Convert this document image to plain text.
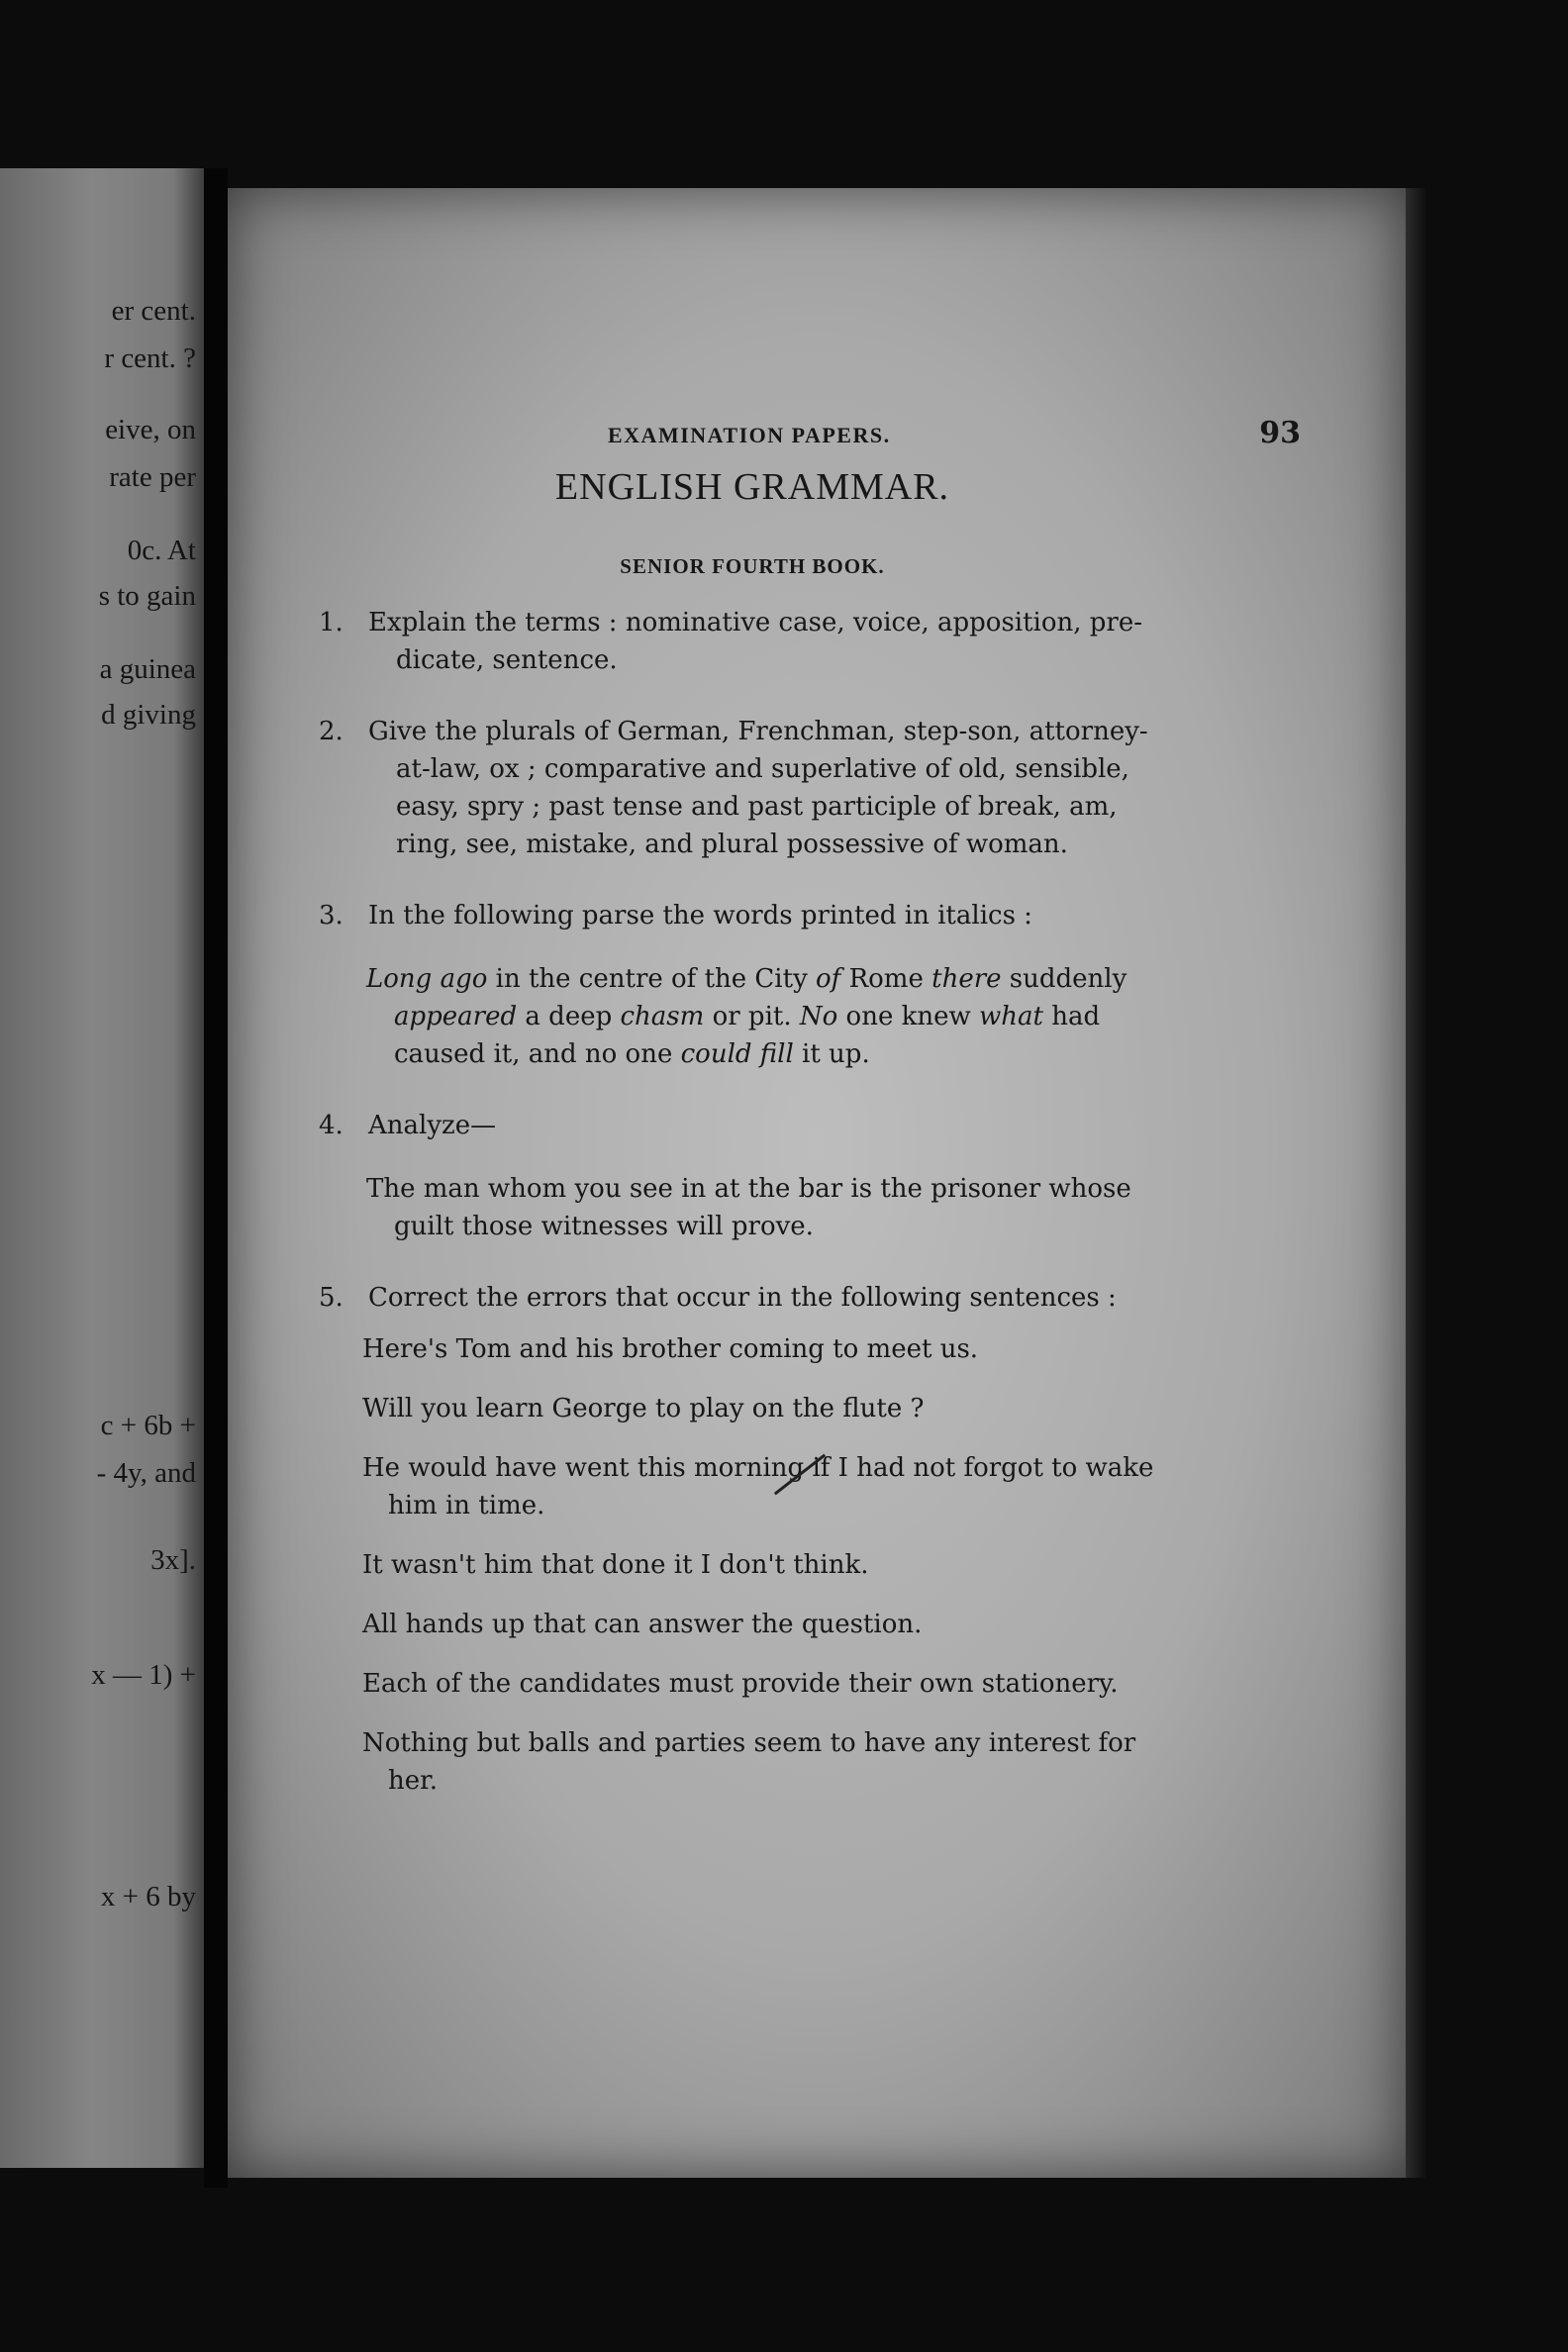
er cent.
r cent. ?
eive, on
rate per
0c. At
s to gain
a guinea
d giving
c + 6b +
- 4y, and
3x].
x — 1) +
x + 6 by
EXAMINATION PAPERS.	93
ENGLISH GRAMMAR.
SENIOR FOURTH BOOK.
1. Explain the terms : nominative case, voice, apposition, pre-
dicate, sentence.
2. Give the plurals of German, Frenchman, step-son, attorney-
at-law, ox ; comparative and superlative of old, sensible,
easy, spry ; past tense and past participle of break, am,
ring, see, mistake, and plural possessive of woman.
3. In the following parse the words printed in italics :
Long ago in the centre of the City of Rome there suddenly
appeared a deep chasm or pit. No one knew what had
caused it, and no one could fill it up.
4. Analyze—
The man whom you see in at the bar is the prisoner whose
guilt those witnesses will prove.
5. Correct the errors that occur in the following sentences :
Here's Tom and his brother coming to meet us.
Will you learn George to play on the flute ?
He would have went this morning if I had not forgot to wake
him in time.
It wasn't him that done it I don't think.
All hands up that can answer the question.
Each of the candidates must provide their own stationery.
Nothing but balls and parties seem to have any interest for
her.
